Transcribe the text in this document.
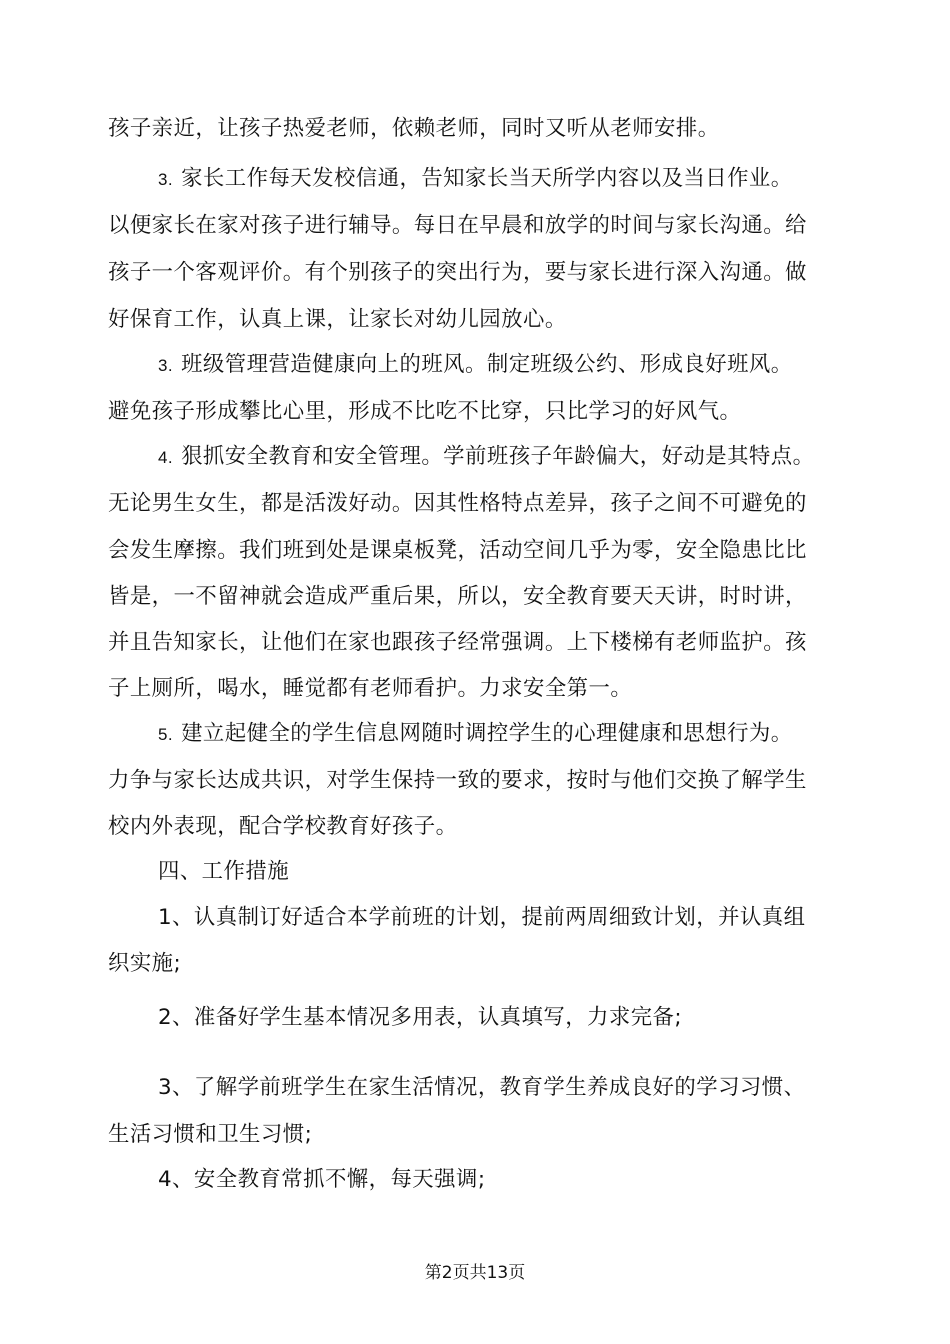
孩子亲近，让孩子热爱老师，依赖老师，同时又听从老师安排。
3. 家长工作每天发校信通，告知家长当天所学内容以及当日作业。
以便家长在家对孩子进行辅导。每日在早晨和放学的时间与家长沟通。给
孩子一个客观评价。有个别孩子的突出行为，要与家长进行深入沟通。做
好保育工作，认真上课，让家长对幼儿园放心。
3. 班级管理营造健康向上的班风。制定班级公约、形成良好班风。
避免孩子形成攀比心里，形成不比吃不比穿，只比学习的好风气。
4. 狠抓安全教育和安全管理。学前班孩子年龄偏大，好动是其特点。
无论男生女生，都是活泼好动。因其性格特点差异，孩子之间不可避免的
会发生摩擦。我们班到处是课桌板凳，活动空间几乎为零，安全隐患比比
皆是，一不留神就会造成严重后果，所以，安全教育要天天讲，时时讲，
并且告知家长，让他们在家也跟孩子经常强调。上下楼梯有老师监护。孩
子上厕所，喝水，睡觉都有老师看护。力求安全第一。
5. 建立起健全的学生信息网随时调控学生的心理健康和思想行为。
力争与家长达成共识，对学生保持一致的要求，按时与他们交换了解学生
校内外表现，配合学校教育好孩子。
四、工作措施
1、认真制订好适合本学前班的计划，提前两周细致计划，并认真组
织实施;
2、准备好学生基本情况多用表，认真填写，力求完备;
3、了解学前班学生在家生活情况，教育学生养成良好的学习习惯、
生活习惯和卫生习惯;
4、安全教育常抓不懈，每天强调;
第2页共13页
